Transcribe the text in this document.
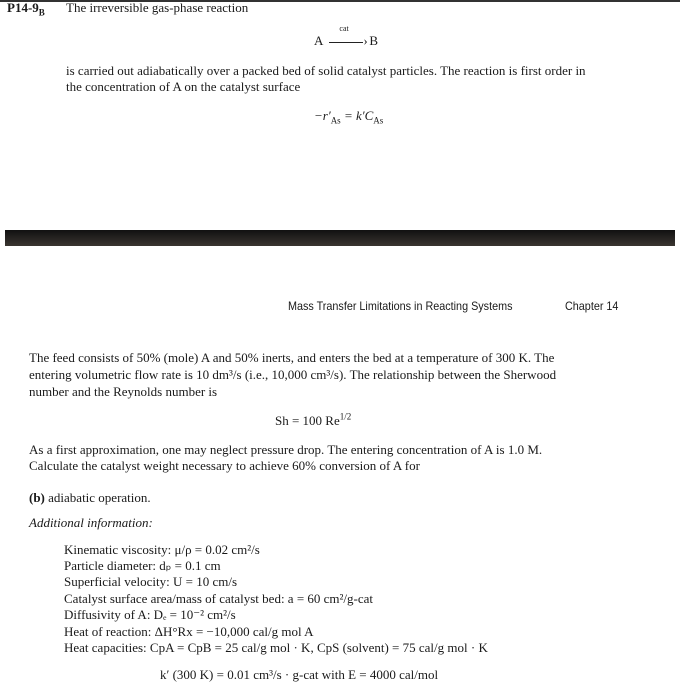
$P14-9_B$ The irreversible gas-phase reaction
A
cat
› B
is carried out adiabatically over a packed bed of solid catalyst particles. The reaction is first order in
the concentration of A on the catalyst surface
$-r'_{As} = k'C_{As}$
Mass Transfer Limitations in Reacting Systems	Chapter 14
The feed consists of 50% (mole) A and 50% inerts, and enters the bed at a temperature of 300 K. The
entering volumetric flow rate is 10 dm³/s (i.e., 10,000 cm³/s). The relationship between the Sherwood
number and the Reynolds number is
Sh = 100 $Re^{1/2}$
As a first approximation, one may neglect pressure drop. The entering concentration of A is 1.0 M.
Calculate the catalyst weight necessary to achieve 60% conversion of A for
(b) adiabatic operation.
Additional information:
Kinematic viscosity: μ/ρ = 0.02 cm²/s
Particle diameter: dₚ = 0.1 cm
Superficial velocity: U = 10 cm/s
Catalyst surface area/mass of catalyst bed: a = 60 cm²/g-cat
Diffusivity of A: Dₑ = 10⁻² cm²/s
Heat of reaction: ΔH°Rx = −10,000 cal/g mol A
Heat capacities: CpA = CpB = 25 cal/g mol · K, CpS (solvent) = 75 cal/g mol · K
k′ (300 K) = 0.01 cm³/s · g-cat with E = 4000 cal/mol
